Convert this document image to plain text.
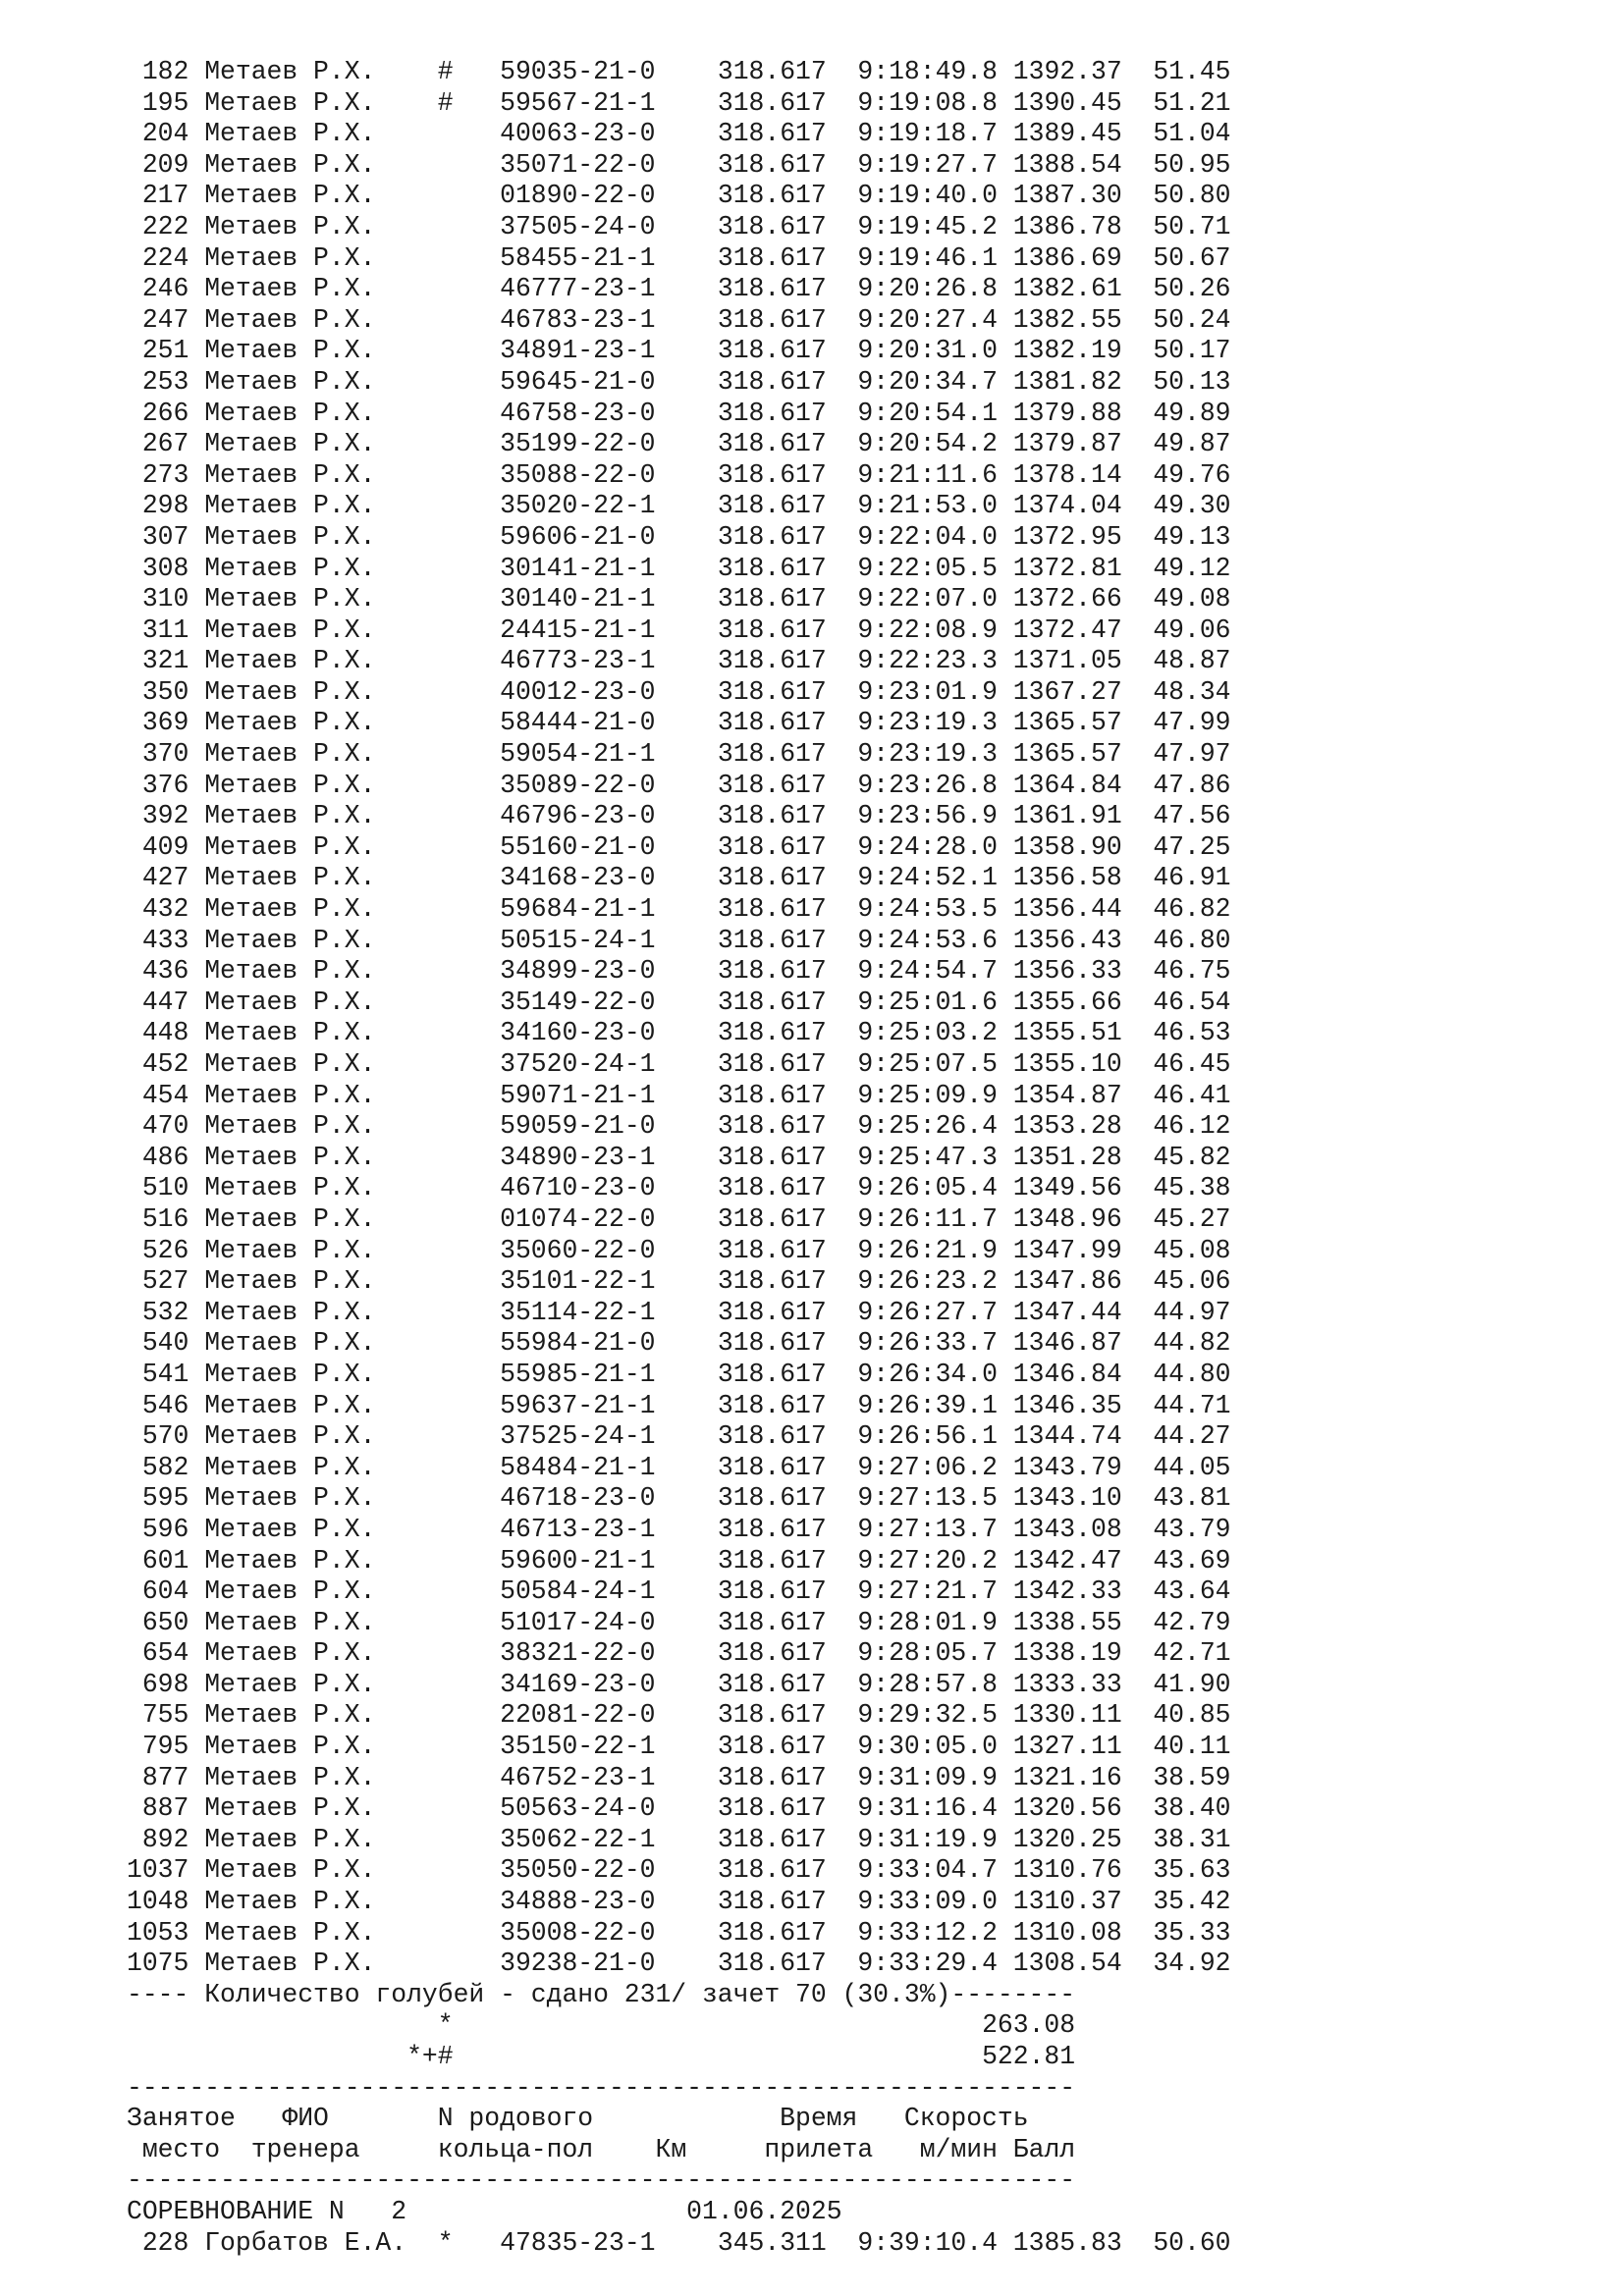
182 Метаев Р.Х.    # 59035-21-0 318.617 9:18:49.8 1392.37  51.45
195 Метаев Р.Х.    # 59567-21-1 318.617 9:19:08.8 1390.45  51.21
204 Метаев Р.Х.        40063-23-0 318.617 9:19:18.7 1389.45  51.04
209 Метаев Р.Х.        35071-22-0 318.617 9:19:27.7 1388.54  50.95
217 Метаев Р.Х.        01890-22-0 318.617 9:19:40.0 1387.30  50.80
222 Метаев Р.Х.        37505-24-0 318.617 9:19:45.2 1386.78  50.71
224 Метаев Р.Х.        58455-21-1 318.617 9:19:46.1 1386.69  50.67
246 Метаев Р.Х.        46777-23-1 318.617 9:20:26.8 1382.61  50.26
247 Метаев Р.Х.        46783-23-1 318.617 9:20:27.4 1382.55  50.24
251 Метаев Р.Х.        34891-23-1 318.617 9:20:31.0 1382.19  50.17
253 Метаев Р.Х.        59645-21-0 318.617 9:20:34.7 1381.82  50.13
266 Метаев Р.Х.        46758-23-0 318.617 9:20:54.1 1379.88  49.89
267 Метаев Р.Х.        35199-22-0 318.617 9:20:54.2 1379.87  49.87
273 Метаев Р.Х.        35088-22-0 318.617 9:21:11.6 1378.14  49.76
298 Метаев Р.Х.        35020-22-1 318.617 9:21:53.0 1374.04  49.30
307 Метаев Р.Х.        59606-21-0 318.617 9:22:04.0 1372.95  49.13
308 Метаев Р.Х.        30141-21-1 318.617 9:22:05.5 1372.81  49.12
310 Метаев Р.Х.        30140-21-1 318.617 9:22:07.0 1372.66  49.08
311 Метаев Р.Х.        24415-21-1 318.617 9:22:08.9 1372.47  49.06
321 Метаев Р.Х.        46773-23-1 318.617 9:22:23.3 1371.05  48.87
350 Метаев Р.Х.        40012-23-0 318.617 9:23:01.9 1367.27  48.34
369 Метаев Р.Х.        58444-21-0 318.617 9:23:19.3 1365.57  47.99
370 Метаев Р.Х.        59054-21-1 318.617 9:23:19.3 1365.57  47.97
376 Метаев Р.Х.        35089-22-0 318.617 9:23:26.8 1364.84  47.86
392 Метаев Р.Х.        46796-23-0 318.617 9:23:56.9 1361.91  47.56
409 Метаев Р.Х.        55160-21-0 318.617 9:24:28.0 1358.90  47.25
427 Метаев Р.Х.        34168-23-0 318.617 9:24:52.1 1356.58  46.91
432 Метаев Р.Х.        59684-21-1 318.617 9:24:53.5 1356.44  46.82
433 Метаев Р.Х.        50515-24-1 318.617 9:24:53.6 1356.43  46.80
436 Метаев Р.Х.        34899-23-0 318.617 9:24:54.7 1356.33  46.75
447 Метаев Р.Х.        35149-22-0 318.617 9:25:01.6 1355.66  46.54
448 Метаев Р.Х.        34160-23-0 318.617 9:25:03.2 1355.51  46.53
452 Метаев Р.Х.        37520-24-1 318.617 9:25:07.5 1355.10  46.45
454 Метаев Р.Х.        59071-21-1 318.617 9:25:09.9 1354.87  46.41
470 Метаев Р.Х.        59059-21-0 318.617 9:25:26.4 1353.28  46.12
486 Метаев Р.Х.        34890-23-1 318.617 9:25:47.3 1351.28  45.82
510 Метаев Р.Х.        46710-23-0 318.617 9:26:05.4 1349.56  45.38
516 Метаев Р.Х.        01074-22-0 318.617 9:26:11.7 1348.96  45.27
526 Метаев Р.Х.        35060-22-0 318.617 9:26:21.9 1347.99  45.08
527 Метаев Р.Х.        35101-22-1 318.617 9:26:23.2 1347.86  45.06
532 Метаев Р.Х.        35114-22-1 318.617 9:26:27.7 1347.44  44.97
540 Метаев Р.Х.        55984-21-0 318.617 9:26:33.7 1346.87  44.82
541 Метаев Р.Х.        55985-21-1 318.617 9:26:34.0 1346.84  44.80
546 Метаев Р.Х.        59637-21-1 318.617 9:26:39.1 1346.35  44.71
570 Метаев Р.Х.        37525-24-1 318.617 9:26:56.1 1344.74  44.27
582 Метаев Р.Х.        58484-21-1 318.617 9:27:06.2 1343.79  44.05
595 Метаев Р.Х.        46718-23-0 318.617 9:27:13.5 1343.10  43.81
596 Метаев Р.Х.        46713-23-1 318.617 9:27:13.7 1343.08  43.79
601 Метаев Р.Х.        59600-21-1 318.617 9:27:20.2 1342.47  43.69
604 Метаев Р.Х.        50584-24-1 318.617 9:27:21.7 1342.33  43.64
650 Метаев Р.Х.        51017-24-0 318.617 9:28:01.9 1338.55  42.79
654 Метаев Р.Х.        38321-22-0 318.617 9:28:05.7 1338.19  42.71
698 Метаев Р.Х.        34169-23-0 318.617 9:28:57.8 1333.33  41.90
755 Метаев Р.Х.        22081-22-0 318.617 9:29:32.5 1330.11  40.85
795 Метаев Р.Х.        35150-22-1 318.617 9:30:05.0 1327.11  40.11
877 Метаев Р.Х.        46752-23-1 318.617 9:31:09.9 1321.16  38.59
887 Метаев Р.Х.        50563-24-0 318.617 9:31:16.4 1320.56  38.40
892 Метаев Р.Х.        35062-22-1 318.617 9:31:19.9 1320.25  38.31
1037 Метаев Р.Х.        35050-22-0 318.617 9:33:04.7 1310.76  35.63
1048 Метаев Р.Х.        34888-23-0 318.617 9:33:09.0 1310.37  35.42
1053 Метаев Р.Х.        35008-22-0 318.617 9:33:12.2 1310.08  35.33
1075 Метаев Р.Х.        39238-21-0 318.617 9:33:29.4 1308.54  34.92
---- Количество голубей - сдано 231/ зачет 70 (30.3%)--------
*	263.08
*+#	522.81
-------------------------------------------------------------
Занятое ФИО	N родового	Время Скорость
место тренера	кольца-пол Км	прилета м/мин Балл
-------------------------------------------------------------
СОРЕВНОВАНИЕ N 2	01.06.2025
228 Горбатов Е.А.  * 47835-23-1 345.311 9:39:10.4 1385.83  50.60
